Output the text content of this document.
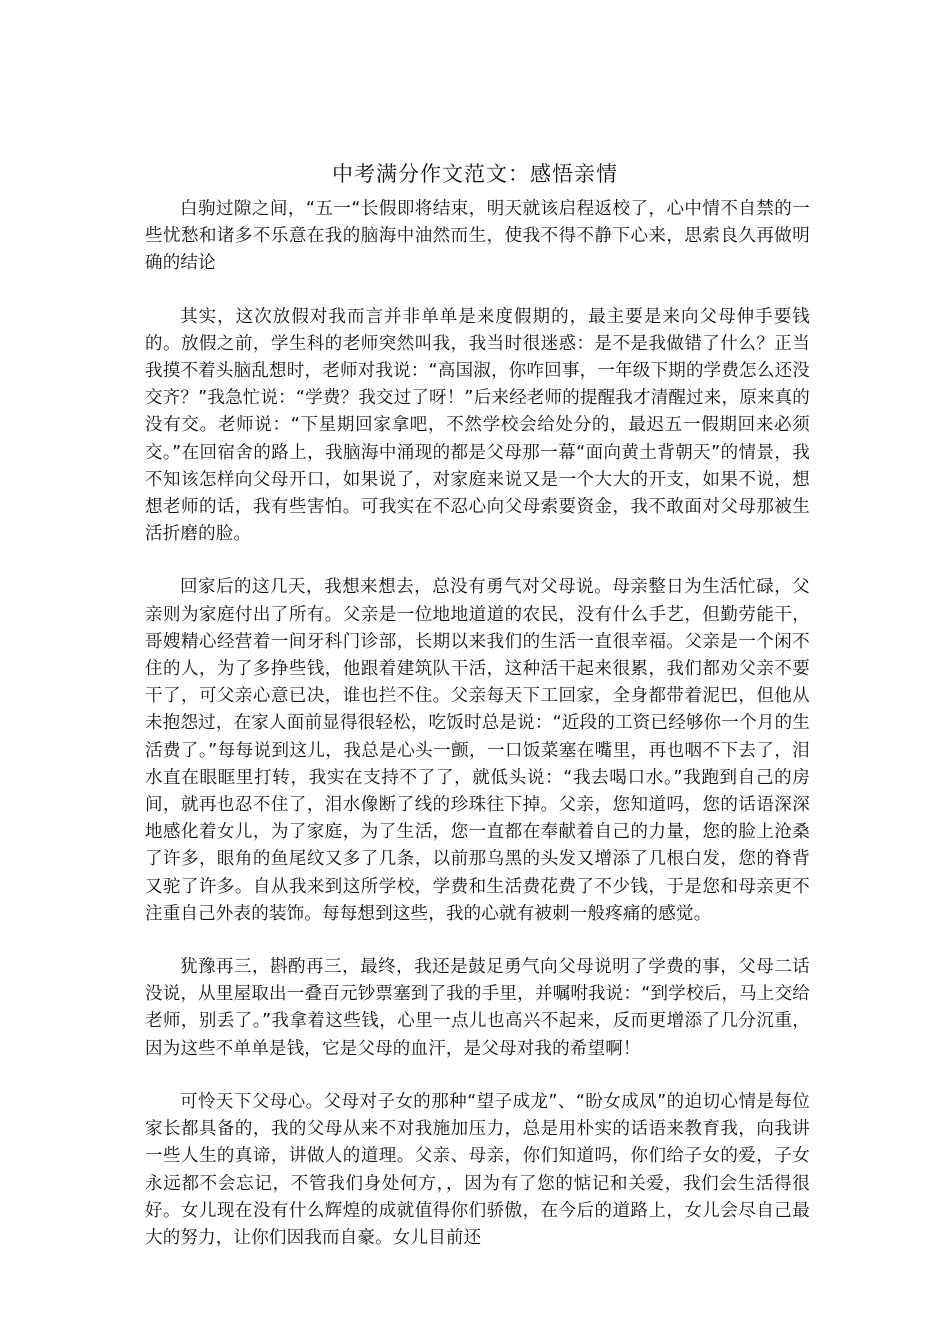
中考满分作文范文：感悟亲情

白驹过隙之间，“五一“长假即将结束，明天就该启程返校了，心中情不自禁的一些忧愁和诸多不乐意在我的脑海中油然而生，使我不得不静下心来，思索良久再做明确的结论

其实，这次放假对我而言并非单单是来度假期的，最主要是来向父母伸手要钱的。放假之前，学生科的老师突然叫我，我当时很迷惑：是不是我做错了什么？正当我摸不着头脑乱想时，老师对我说：“高国淑，你咋回事，一年级下期的学费怎么还没交齐？”我急忙说：“学费？我交过了呀！”后来经老师的提醒我才清醒过来，原来真的没有交。老师说：“下星期回家拿吧，不然学校会给处分的，最迟五一假期回来必须交。”在回宿舍的路上，我脑海中涌现的都是父母那一幕“面向黄土背朝天”的情景，我不知该怎样向父母开口，如果说了，对家庭来说又是一个大大的开支，如果不说，想想老师的话，我有些害怕。可我实在不忍心向父母索要资金，我不敢面对父母那被生活折磨的脸。

回家后的这几天，我想来想去，总没有勇气对父母说。母亲整日为生活忙碌，父亲则为家庭付出了所有。父亲是一位地地道道的农民，没有什么手艺，但勤劳能干，哥嫂精心经营着一间牙科门诊部，长期以来我们的生活一直很幸福。父亲是一个闲不住的人，为了多挣些钱，他跟着建筑队干活，这种活干起来很累，我们都劝父亲不要干了，可父亲心意已决，谁也拦不住。父亲每天下工回家，全身都带着泥巴，但他从未抱怨过，在家人面前显得很轻松，吃饭时总是说：“近段的工资已经够你一个月的生活费了。”每每说到这儿，我总是心头一颤，一口饭菜塞在嘴里，再也咽不下去了，泪水直在眼眶里打转，我实在支持不了了，就低头说：“我去喝口水。”我跑到自己的房间，就再也忍不住了，泪水像断了线的珍珠往下掉。父亲，您知道吗，您的话语深深地感化着女儿，为了家庭，为了生活，您一直都在奉献着自己的力量，您的脸上沧桑了许多，眼角的鱼尾纹又多了几条，以前那乌黑的头发又增添了几根白发，您的脊背又驼了许多。自从我来到这所学校，学费和生活费花费了不少钱，于是您和母亲更不注重自己外表的装饰。每每想到这些，我的心就有被刺一般疼痛的感觉。

犹豫再三，斟酌再三，最终，我还是鼓足勇气向父母说明了学费的事，父母二话没说，从里屋取出一叠百元钞票塞到了我的手里，并嘱咐我说：“到学校后，马上交给老师，别丢了。”我拿着这些钱，心里一点儿也高兴不起来，反而更增添了几分沉重，因为这些不单单是钱，它是父母的血汗，是父母对我的希望啊！

可怜天下父母心。父母对子女的那种“望子成龙”、“盼女成凤”的迫切心情是每位家长都具备的，我的父母从来不对我施加压力，总是用朴实的话语来教育我，向我讲一些人生的真谛，讲做人的道理。父亲、母亲，你们知道吗，你们给子女的爱，子女永远都不会忘记，不管我们身处何方，，因为有了您的惦记和关爱，我们会生活得很好。女儿现在没有什么辉煌的成就值得你们骄傲，在今后的道路上，女儿会尽自己最大的努力，让你们因我而自豪。女儿目前还
